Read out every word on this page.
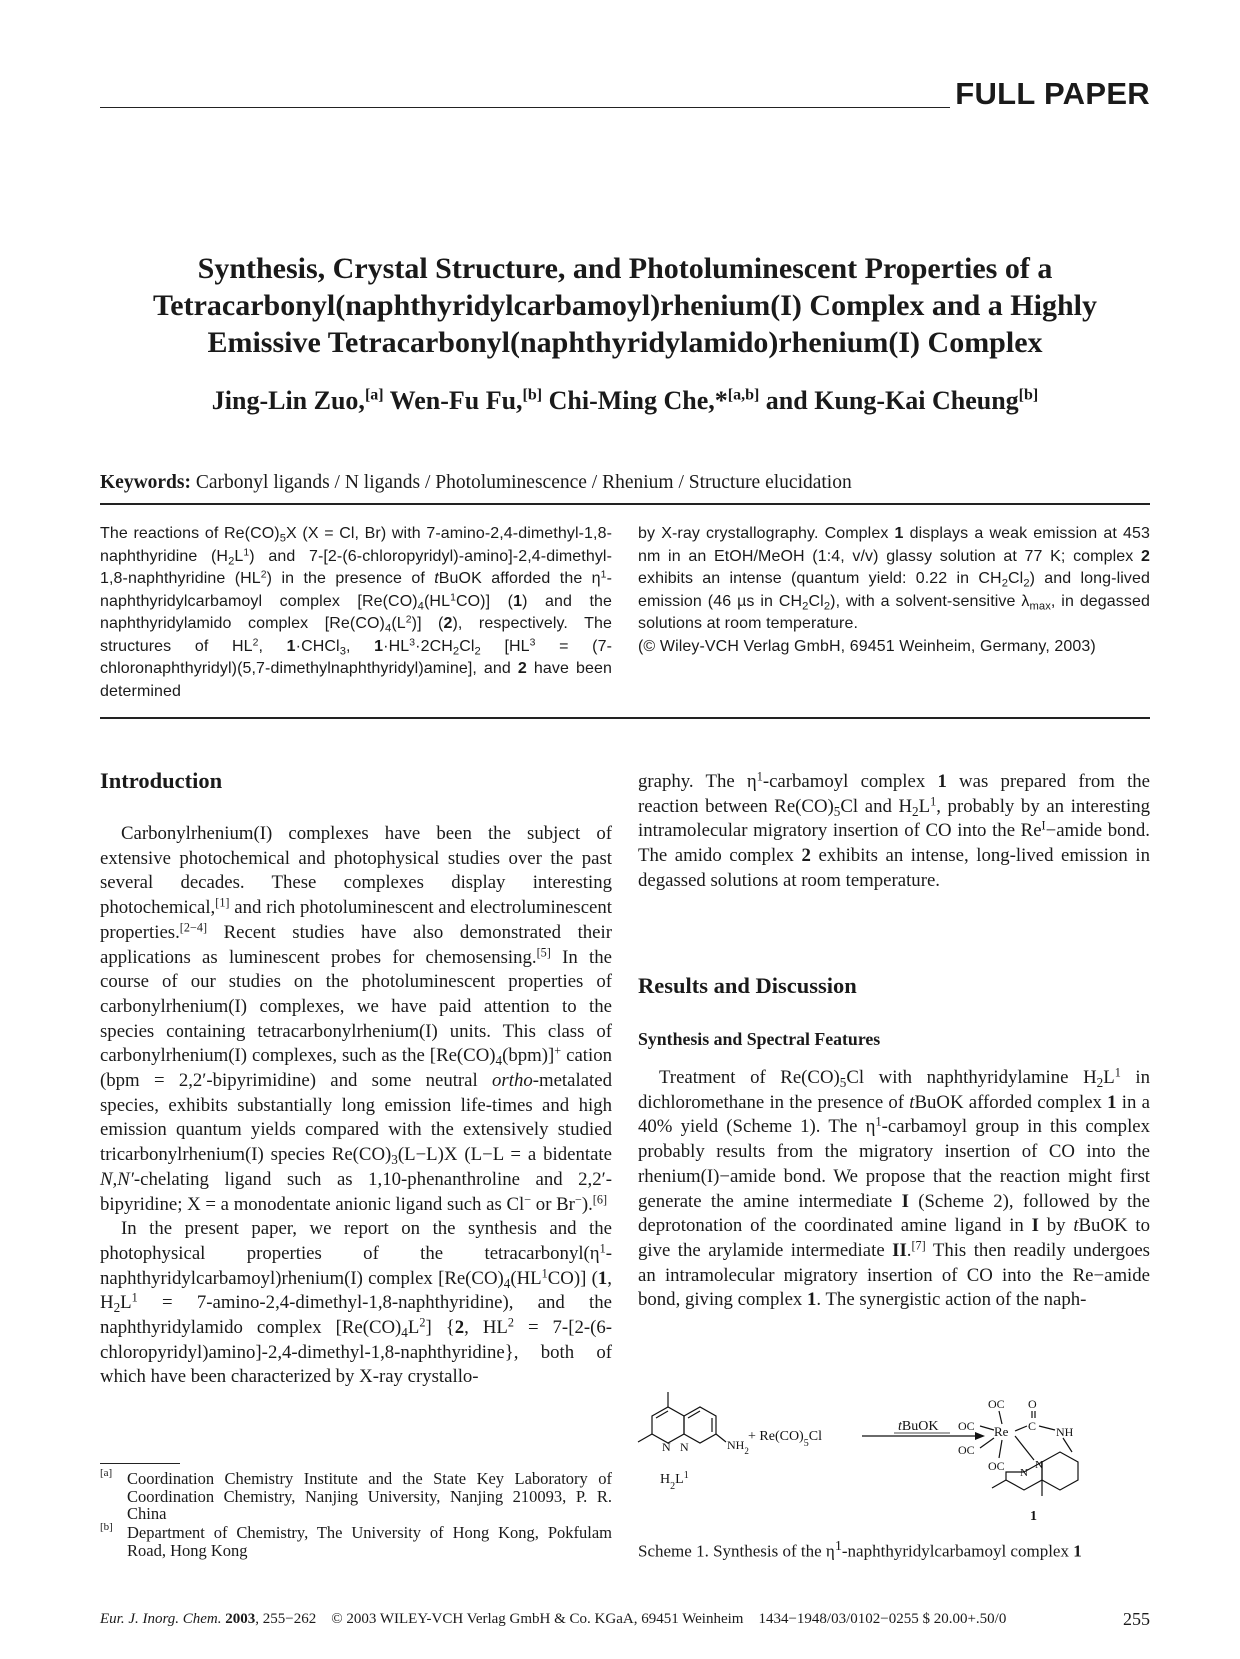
FULL PAPER
Synthesis, Crystal Structure, and Photoluminescent Properties of a
Tetracarbonyl(naphthyridylcarbamoyl)rhenium(I) Complex and a Highly
Emissive Tetracarbonyl(naphthyridylamido)rhenium(I) Complex
Jing-Lin Zuo,[a] Wen-Fu Fu,[b] Chi-Ming Che,*[a,b] and Kung-Kai Cheung[b]
Keywords: Carbonyl ligands / N ligands / Photoluminescence / Rhenium / Structure elucidation
The reactions of $Re(CO)_5X$ (X = Cl, Br) with 7-amino-2,4-dimethyl-1,8-naphthyridine $(H_2L^1)$ and 7-[2-(6-chloropyridyl)-amino]-2,4-dimethyl-1,8-naphthyridine $(HL^2)$ in the presence of tBuOK afforded the $\eta^1$-naphthyridylcarbamoyl complex $[Re(CO)_4(HL^1CO)]$ (1) and the naphthyridylamido complex $[Re(CO)_4(L^2)]$ (2), respectively. The structures of $HL^2$, 1·CHCl$_3$, $1\cdot HL^3\cdot 2CH_2Cl_2$ [$HL^3$ = (7-chloronaphthyridyl)(5,7-dimethylnaphthyridyl)amine], and 2 have been determined
by X-ray crystallography. Complex 1 displays a weak emission at 453 nm in an EtOH/MeOH (1:4, v/v) glassy solution at 77 K; complex 2 exhibits an intense (quantum yield: 0.22 in $CH_2Cl_2$) and long-lived emission (46 µs in $CH_2Cl_2$), with a solvent-sensitive $\lambda_{max}$, in degassed solutions at room temperature.
(© Wiley-VCH Verlag GmbH, 69451 Weinheim, Germany, 2003)
Introduction

Carbonylrhenium(I) complexes have been the subject of extensive photochemical and photophysical studies over the past several decades. These complexes display interesting photochemical,[1] and rich photoluminescent and electroluminescent properties.[2−4] Recent studies have also demonstrated their applications as luminescent probes for chemosensing.[5] In the course of our studies on the photoluminescent properties of carbonylrhenium(I) complexes, we have paid attention to the species containing tetracarbonylrhenium(I) units. This class of carbonylrhenium(I) complexes, such as the $[Re(CO)_4(bpm)]^+$ cation (bpm = 2,2′-bipyrimidine) and some neutral ortho-metalated species, exhibits substantially long emission life-times and high emission quantum yields compared with the extensively studied tricarbonylrhenium(I) species $Re(CO)_3(L-L)X$ (L−L = a bidentate N,N′-chelating ligand such as 1,10-phenanthroline and 2,2′-bipyridine; X = a monodentate anionic ligand such as Cl− or Br−).[6]

In the present paper, we report on the synthesis and the photophysical properties of the $tetracarbonyl(\eta^1-naphthyridylcarbamoyl)rhenium(I)$ complex $[Re(CO)_4(HL^1CO)]$ (1, $H_2L^1$ = 7-amino-2,4-dimethyl-1,8-naphthyridine), and the naphthyridylamido complex $[Re(CO)_4L^2]$ {2, $HL^2$ = 7-[2-(6-chloropyridyl)amino]-2,4-dimethyl-1,8-naphthyridine}, both of which have been characterized by X-ray crystallo-

graphy. The $\eta^1$-carbamoyl complex 1 was prepared from the reaction between $Re(CO)_5Cl$ and $H_2L^1$, probably by an interesting intramolecular migratory insertion of CO into the $Re^I-amide$ bond. The amido complex 2 exhibits an intense, long-lived emission in degassed solutions at room temperature.

Results and Discussion
Synthesis and Spectral Features

Treatment of $Re(CO)_5Cl$ with naphthyridylamine $H_2L^1$ in dichloromethane in the presence of tBuOK afforded complex 1 in a 40% yield (Scheme 1). The $\eta^1$-carbamoyl group in this complex probably results from the migratory insertion of CO into the rhenium(I)−amide bond. We propose that the reaction might first generate the amine intermediate I (Scheme 2), followed by the deprotonation of the coordinated amine ligand in I by tBuOK to give the arylamide intermediate II.[7] This then readily undergoes an intramolecular migratory insertion of CO into the Re−amide bond, giving complex 1. The synergistic action of the naph-

[a] Coordination Chemistry Institute and the State Key Laboratory of Coordination Chemistry, Nanjing University, Nanjing 210093, P. R. China
[b] Department of Chemistry, The University of Hong Kong, Pokfulam Road, Hong Kong
N N	$NH_2$
$H_2L^1$
+ $Re(CO)_5Cl$
tBuOK
OC
OC
OC
OC
Re C
O
NH
N
N
1
Scheme 1. Synthesis of the $\eta^1$-naphthyridylcarbamoyl complex 1
Eur. J. Inorg. Chem. 2003, 255−262    © 2003 WILEY-VCH Verlag GmbH & Co. KGaA, 69451 Weinheim    1434−1948/03/0102−0255 $ 20.00+.50/0	255
